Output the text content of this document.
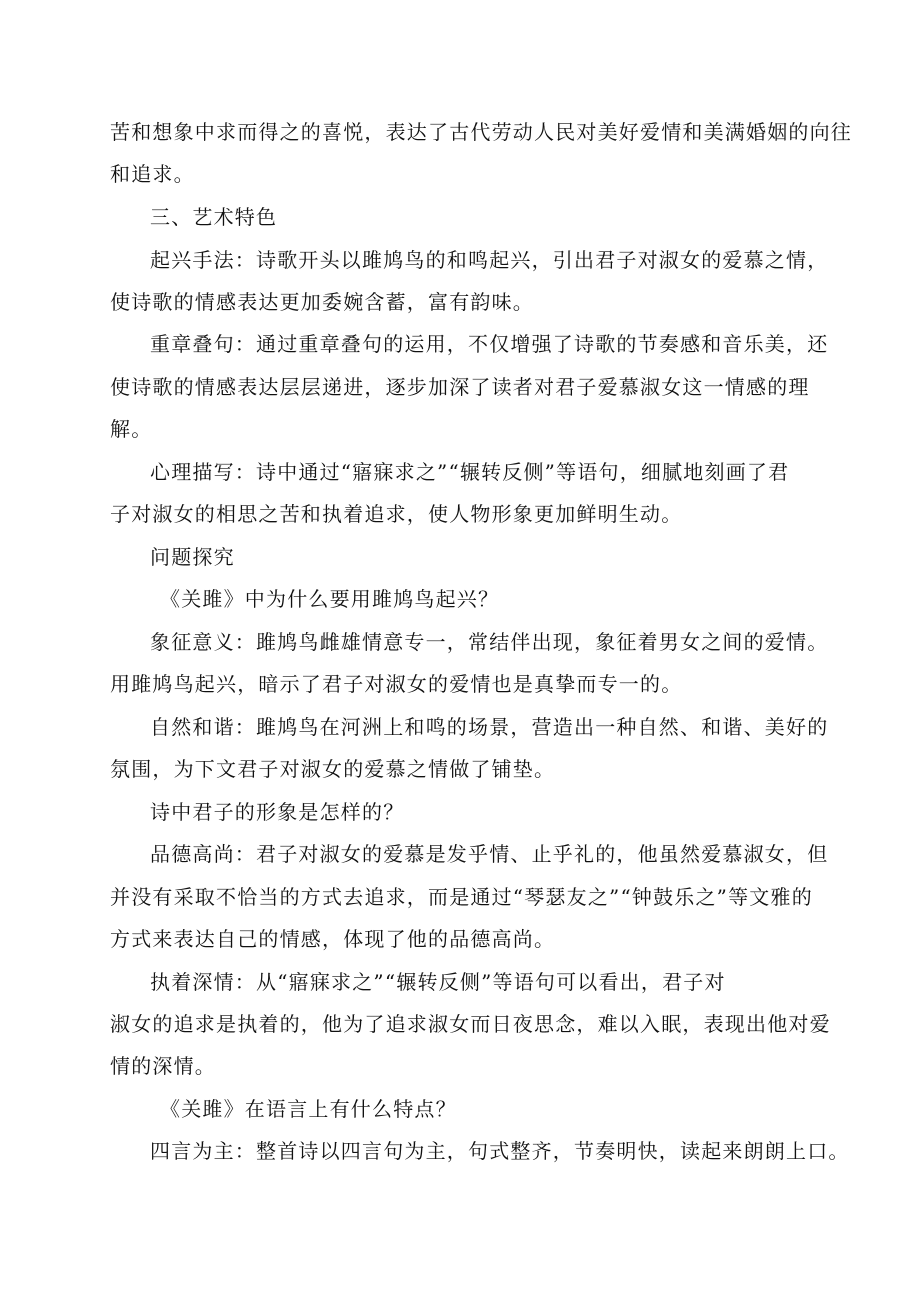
苦和想象中求而得之的喜悦，表达了古代劳动人民对美好爱情和美满婚姻的向往
和追求。
三、艺术特色
起兴手法：诗歌开头以雎鸠鸟的和鸣起兴，引出君子对淑女的爱慕之情，
使诗歌的情感表达更加委婉含蓄，富有韵味。
重章叠句：通过重章叠句的运用，不仅增强了诗歌的节奏感和音乐美，还
使诗歌的情感表达层层递进，逐步加深了读者对君子爱慕淑女这一情感的理
解。
心理描写：诗中通过“寤寐求之”“辗转反侧”等语句，细腻地刻画了君
子对淑女的相思之苦和执着追求，使人物形象更加鲜明生动。
问题探究
《关雎》中为什么要用雎鸠鸟起兴？
象征意义：雎鸠鸟雌雄情意专一，常结伴出现，象征着男女之间的爱情。
用雎鸠鸟起兴，暗示了君子对淑女的爱情也是真挚而专一的。
自然和谐：雎鸠鸟在河洲上和鸣的场景，营造出一种自然、和谐、美好的
氛围，为下文君子对淑女的爱慕之情做了铺垫。
诗中君子的形象是怎样的？
品德高尚：君子对淑女的爱慕是发乎情、止乎礼的，他虽然爱慕淑女，但
并没有采取不恰当的方式去追求，而是通过“琴瑟友之”“钟鼓乐之”等文雅的
方式来表达自己的情感，体现了他的品德高尚。
执着深情：从“寤寐求之”“辗转反侧”等语句可以看出，君子对
淑女的追求是执着的，他为了追求淑女而日夜思念，难以入眠，表现出他对爱
情的深情。
《关雎》在语言上有什么特点？
四言为主：整首诗以四言句为主，句式整齐，节奏明快，读起来朗朗上口。
